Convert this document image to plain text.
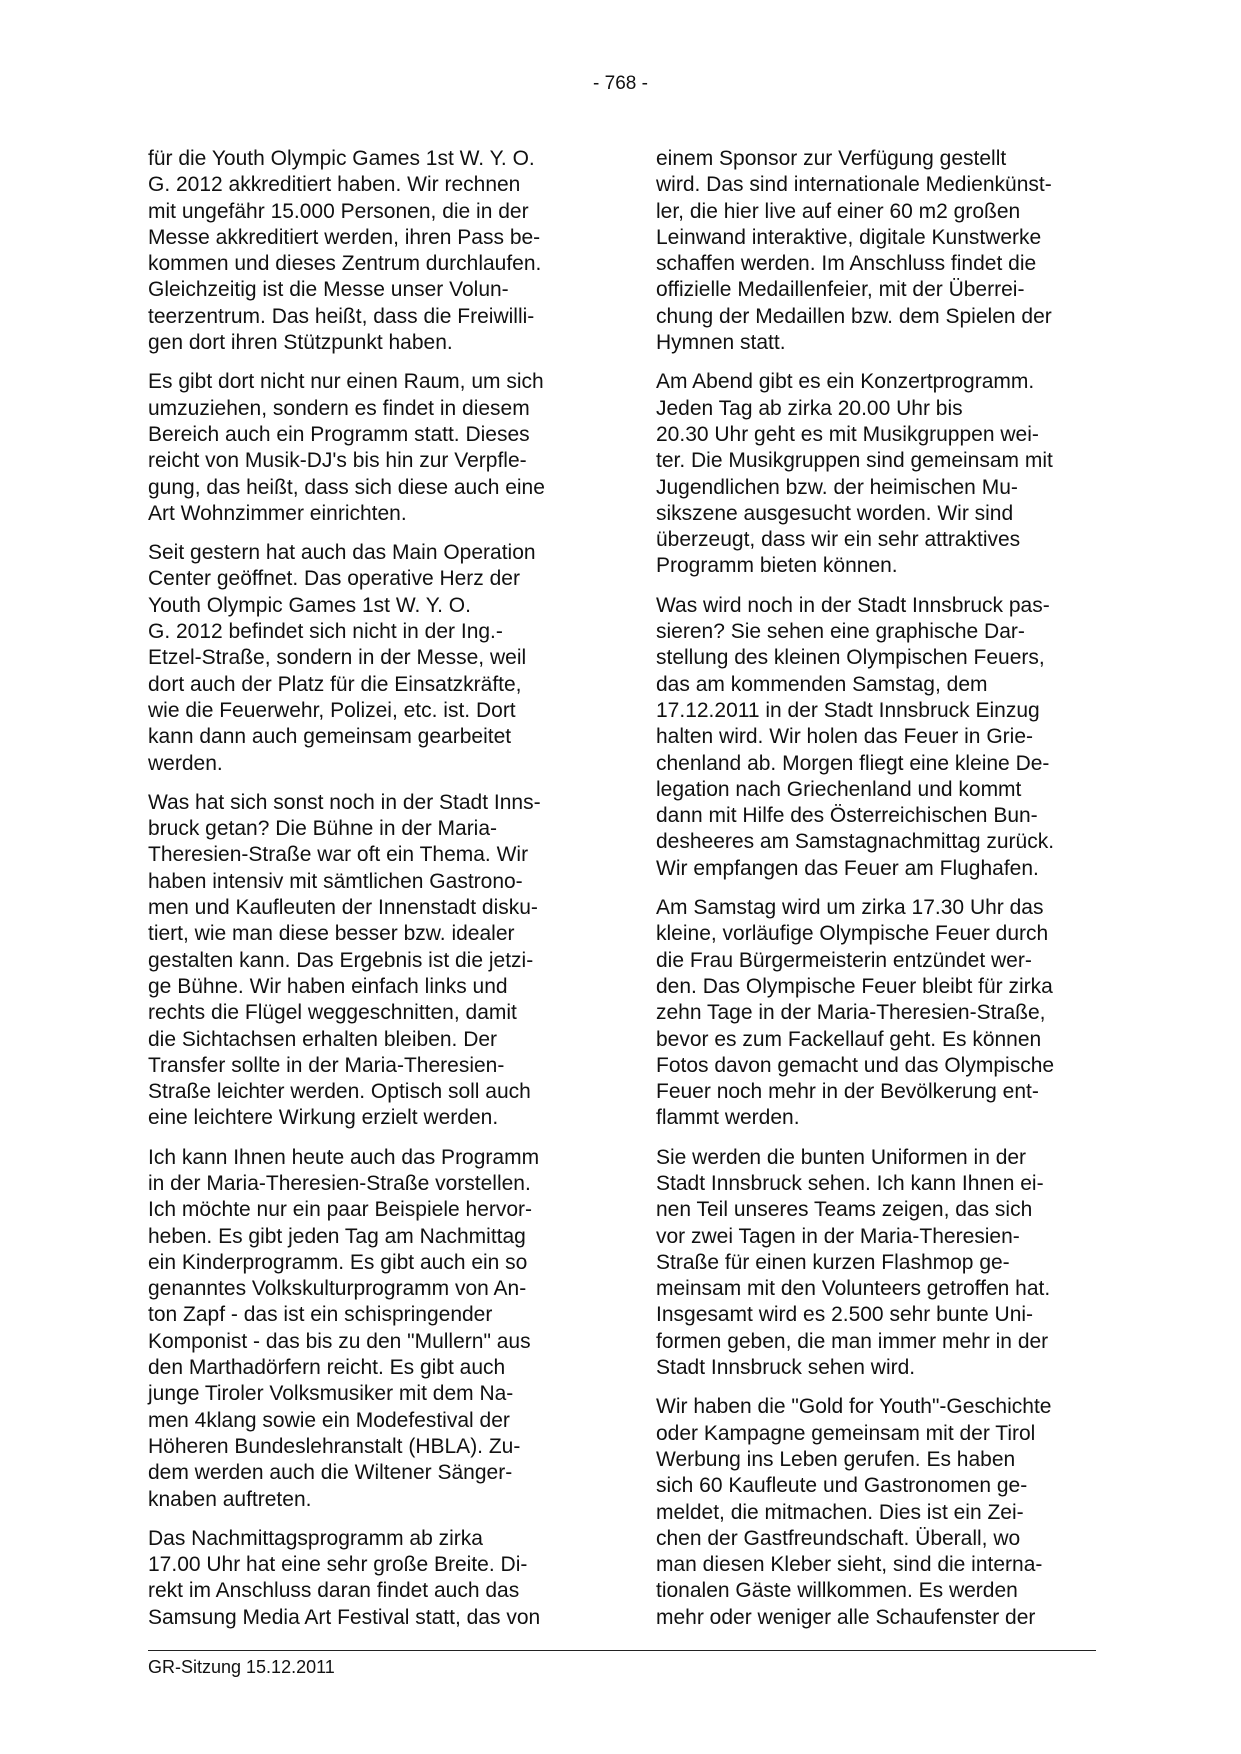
- 768 -

für die Youth Olympic Games 1st W. Y. O.
G. 2012 akkreditiert haben. Wir rechnen
mit ungefähr 15.000 Personen, die in der
Messe akkreditiert werden, ihren Pass be-
kommen und dieses Zentrum durchlaufen.
Gleichzeitig ist die Messe unser Volun-
teerzentrum. Das heißt, dass die Freiwilli-
gen dort ihren Stützpunkt haben.

Es gibt dort nicht nur einen Raum, um sich
umzuziehen, sondern es findet in diesem
Bereich auch ein Programm statt. Dieses
reicht von Musik-DJ's bis hin zur Verpfle-
gung, das heißt, dass sich diese auch eine
Art Wohnzimmer einrichten.

Seit gestern hat auch das Main Operation
Center geöffnet. Das operative Herz der
Youth Olympic Games 1st W. Y. O.
G. 2012 befindet sich nicht in der Ing.-
Etzel-Straße, sondern in der Messe, weil
dort auch der Platz für die Einsatzkräfte,
wie die Feuerwehr, Polizei, etc. ist. Dort
kann dann auch gemeinsam gearbeitet
werden.

Was hat sich sonst noch in der Stadt Inns-
bruck getan? Die Bühne in der Maria-
Theresien-Straße war oft ein Thema. Wir
haben intensiv mit sämtlichen Gastrono-
men und Kaufleuten der Innenstadt disku-
tiert, wie man diese besser bzw. idealer
gestalten kann. Das Ergebnis ist die jetzi-
ge Bühne. Wir haben einfach links und
rechts die Flügel weggeschnitten, damit
die Sichtachsen erhalten bleiben. Der
Transfer sollte in der Maria-Theresien-
Straße leichter werden. Optisch soll auch
eine leichtere Wirkung erzielt werden.

Ich kann Ihnen heute auch das Programm
in der Maria-Theresien-Straße vorstellen.
Ich möchte nur ein paar Beispiele hervor-
heben. Es gibt jeden Tag am Nachmittag
ein Kinderprogramm. Es gibt auch ein so
genanntes Volkskulturprogramm von An-
ton Zapf - das ist ein schispringender
Komponist - das bis zu den "Mullern" aus
den Marthadörfern reicht. Es gibt auch
junge Tiroler Volksmusiker mit dem Na-
men 4klang sowie ein Modefestival der
Höheren Bundeslehranstalt (HBLA). Zu-
dem werden auch die Wiltener Sänger-
knaben auftreten.

Das Nachmittagsprogramm ab zirka
17.00 Uhr hat eine sehr große Breite. Di-
rekt im Anschluss daran findet auch das
Samsung Media Art Festival statt, das von

einem Sponsor zur Verfügung gestellt
wird. Das sind internationale Medienkünst-
ler, die hier live auf einer 60 m2 großen
Leinwand interaktive, digitale Kunstwerke
schaffen werden. Im Anschluss findet die
offizielle Medaillenfeier, mit der Überrei-
chung der Medaillen bzw. dem Spielen der
Hymnen statt.

Am Abend gibt es ein Konzertprogramm.
Jeden Tag ab zirka 20.00 Uhr bis
20.30 Uhr geht es mit Musikgruppen wei-
ter. Die Musikgruppen sind gemeinsam mit
Jugendlichen bzw. der heimischen Mu-
sikszene ausgesucht worden. Wir sind
überzeugt, dass wir ein sehr attraktives
Programm bieten können.

Was wird noch in der Stadt Innsbruck pas-
sieren? Sie sehen eine graphische Dar-
stellung des kleinen Olympischen Feuers,
das am kommenden Samstag, dem
17.12.2011 in der Stadt Innsbruck Einzug
halten wird. Wir holen das Feuer in Grie-
chenland ab. Morgen fliegt eine kleine De-
legation nach Griechenland und kommt
dann mit Hilfe des Österreichischen Bun-
desheeres am Samstagnachmittag zurück.
Wir empfangen das Feuer am Flughafen.

Am Samstag wird um zirka 17.30 Uhr das
kleine, vorläufige Olympische Feuer durch
die Frau Bürgermeisterin entzündet wer-
den. Das Olympische Feuer bleibt für zirka
zehn Tage in der Maria-Theresien-Straße,
bevor es zum Fackellauf geht. Es können
Fotos davon gemacht und das Olympische
Feuer noch mehr in der Bevölkerung ent-
flammt werden.

Sie werden die bunten Uniformen in der
Stadt Innsbruck sehen. Ich kann Ihnen ei-
nen Teil unseres Teams zeigen, das sich
vor zwei Tagen in der Maria-Theresien-
Straße für einen kurzen Flashmop ge-
meinsam mit den Volunteers getroffen hat.
Insgesamt wird es 2.500 sehr bunte Uni-
formen geben, die man immer mehr in der
Stadt Innsbruck sehen wird.

Wir haben die "Gold for Youth"-Geschichte
oder Kampagne gemeinsam mit der Tirol
Werbung ins Leben gerufen. Es haben
sich 60 Kaufleute und Gastronomen ge-
meldet, die mitmachen. Dies ist ein Zei-
chen der Gastfreundschaft. Überall, wo
man diesen Kleber sieht, sind die interna-
tionalen Gäste willkommen. Es werden
mehr oder weniger alle Schaufenster der

GR-Sitzung 15.12.2011
